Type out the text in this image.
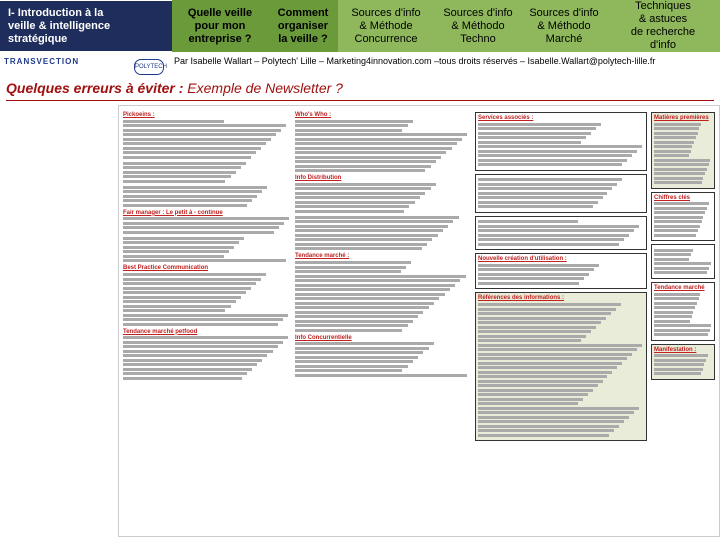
I- Introduction à la
veille & intelligence
stratégique
Quelle veille
pour mon
entreprise ?
Comment
organiser
la veille ?
Sources d'info
& Méthode
Concurrence
Sources d'info
& Méthodo
Techno
Sources d'info
& Méthodo
Marché
Techniques
& astuces
de recherche
d'info
TRANSVECTION
POLYTECH
Par Isabelle Wallart – Polytech' Lille – Marketing4innovation.com –tous droits réservés – Isabelle.Wallart@polytech-lille.fr
Quelques erreurs à éviter : Exemple de Newsletter ?
Pickoeins :
Fair manager : Le petit à - continue
Best Practice Communication
Tendance marché petfood
Who's Who :
Info Distribution
Tendance marché :
Info Concurrentielle
Services associés :
Nouvelle création d'utilisation :
Références des informations :
Matières premières
Chiffres clés
Tendance marché
Manifestation :
